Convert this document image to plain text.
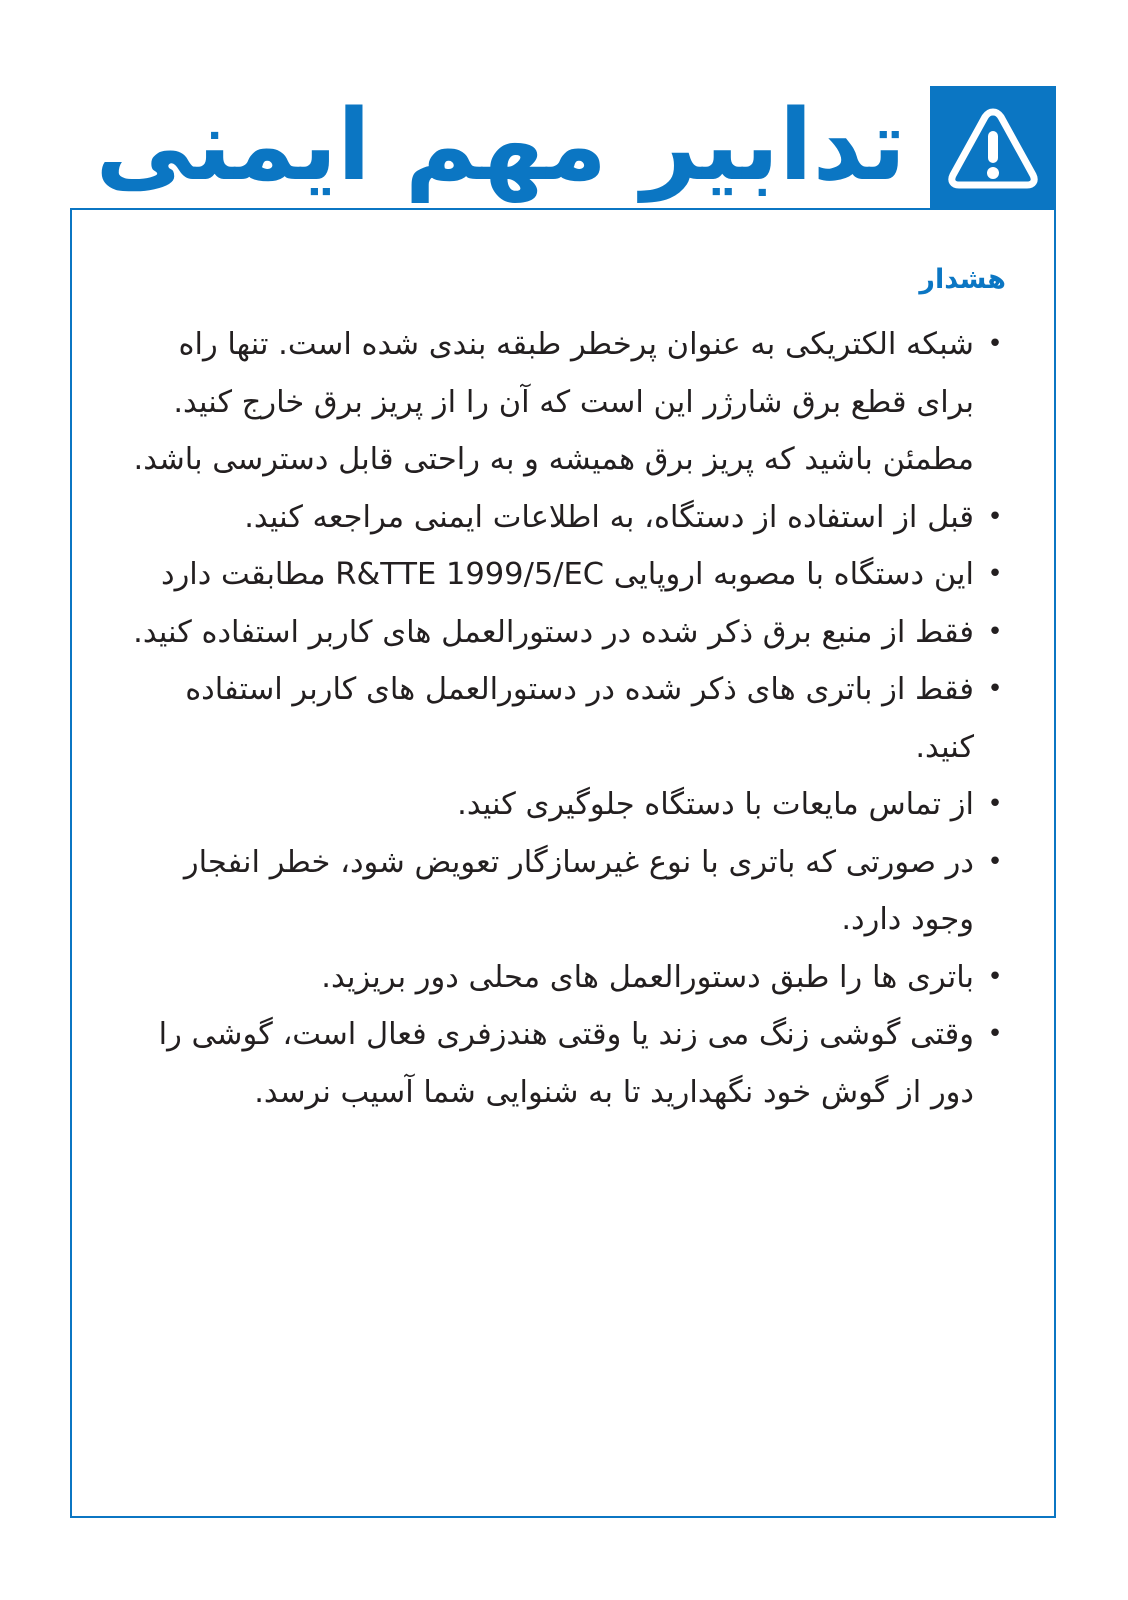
تدابیر مهم ایمنی
هشدار
•
شبکه الکتریکی به عنوان پرخطر طبقه بندی شده است. تنها راه برای قطع برق شارژر این است که آن را از پریز برق خارج کنید. مطمئن باشید که پریز برق همیشه و به راحتی قابل دسترسی باشد.
•
قبل از استفاده از دستگاه، به اطلاعات ایمنی مراجعه کنید.
•
این دستگاه با مصوبه اروپایی R&TTE 1999/5/EC مطابقت دارد
•
فقط از منبع برق ذکر شده در دستورالعمل های کاربر استفاده کنید.
•
فقط از باتری های ذکر شده در دستورالعمل های کاربر استفاده کنید.
•
از تماس مایعات با دستگاه جلوگیری کنید.
•
در صورتی که باتری با نوع غیرسازگار تعویض شود، خطر انفجار وجود دارد.
•
باتری ها را طبق دستورالعمل های محلی دور بریزید.
•
وقتی گوشی زنگ می زند یا وقتی هندزفری فعال است، گوشی را دور از گوش خود نگهدارید تا به شنوایی شما آسیب نرسد.
